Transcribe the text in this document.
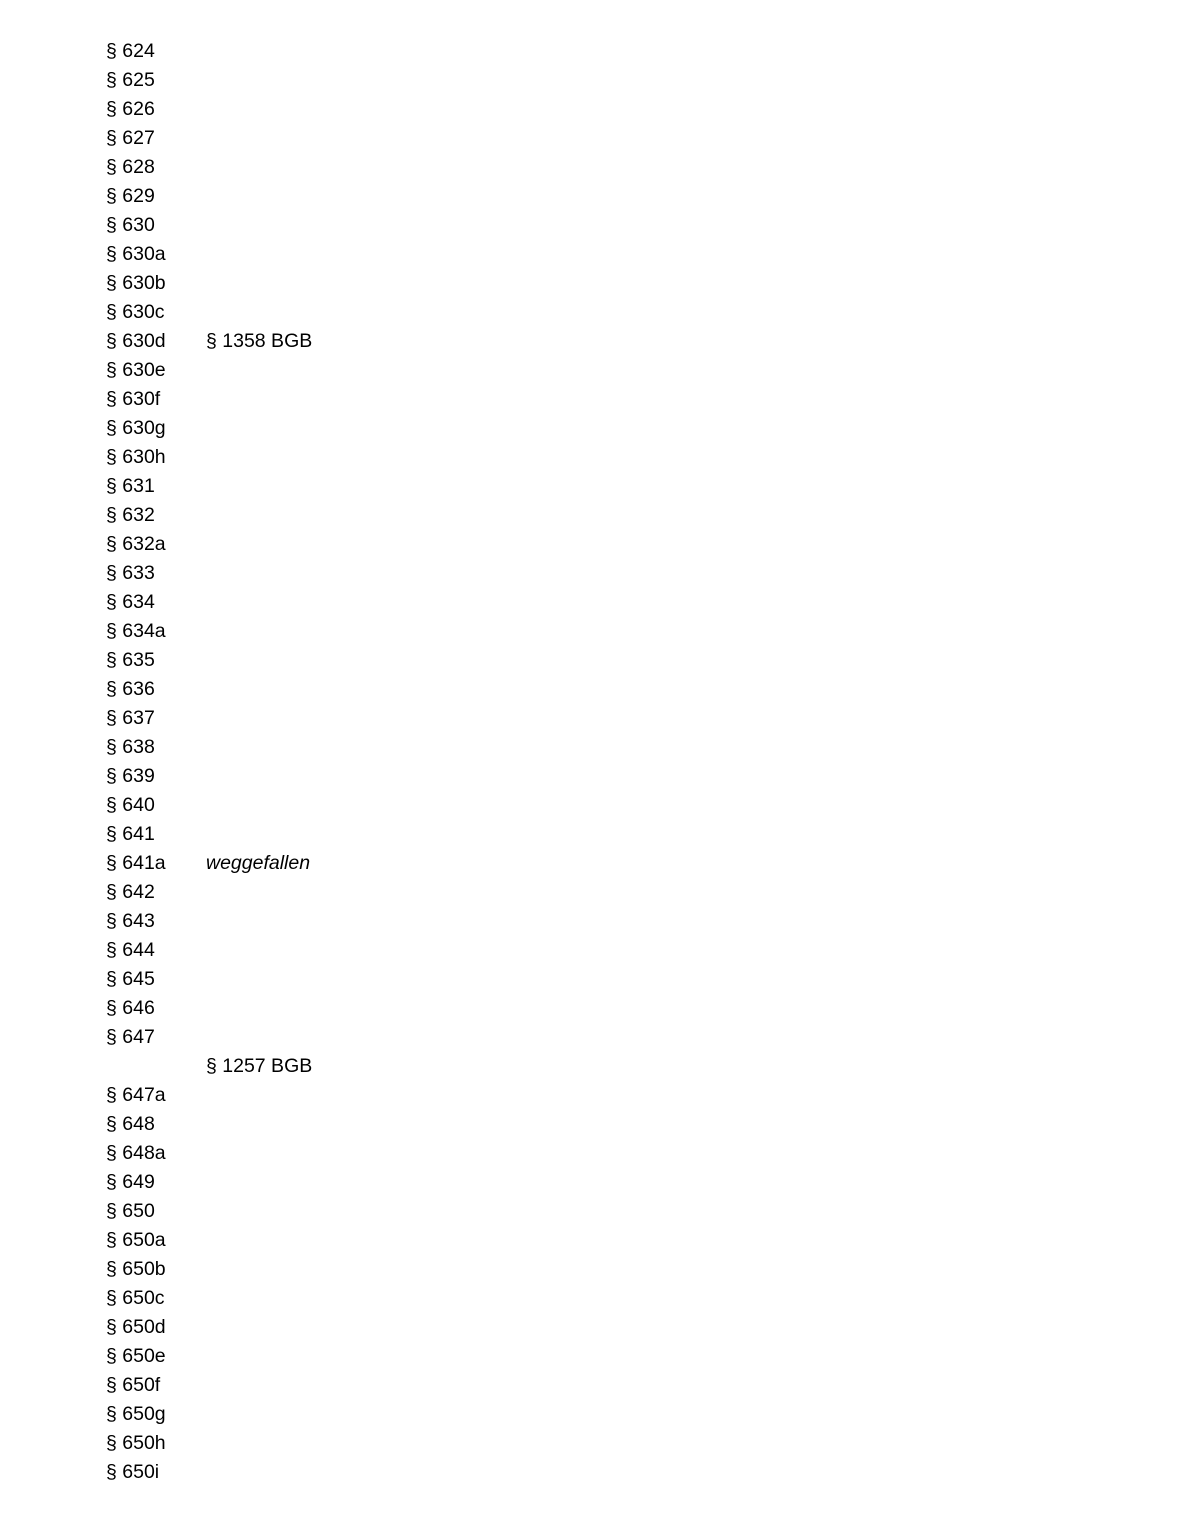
§ 624
§ 625
§ 626
§ 627
§ 628
§ 629
§ 630
§ 630a
§ 630b
§ 630c
§ 630d	§ 1358 BGB
§ 630e
§ 630f
§ 630g
§ 630h
§ 631
§ 632
§ 632a
§ 633
§ 634
§ 634a
§ 635
§ 636
§ 637
§ 638
§ 639
§ 640
§ 641
§ 641a	weggefallen
§ 642
§ 643
§ 644
§ 645
§ 646
§ 647
§ 1257 BGB
§ 647a
§ 648
§ 648a
§ 649
§ 650
§ 650a
§ 650b
§ 650c
§ 650d
§ 650e
§ 650f
§ 650g
§ 650h
§ 650i
